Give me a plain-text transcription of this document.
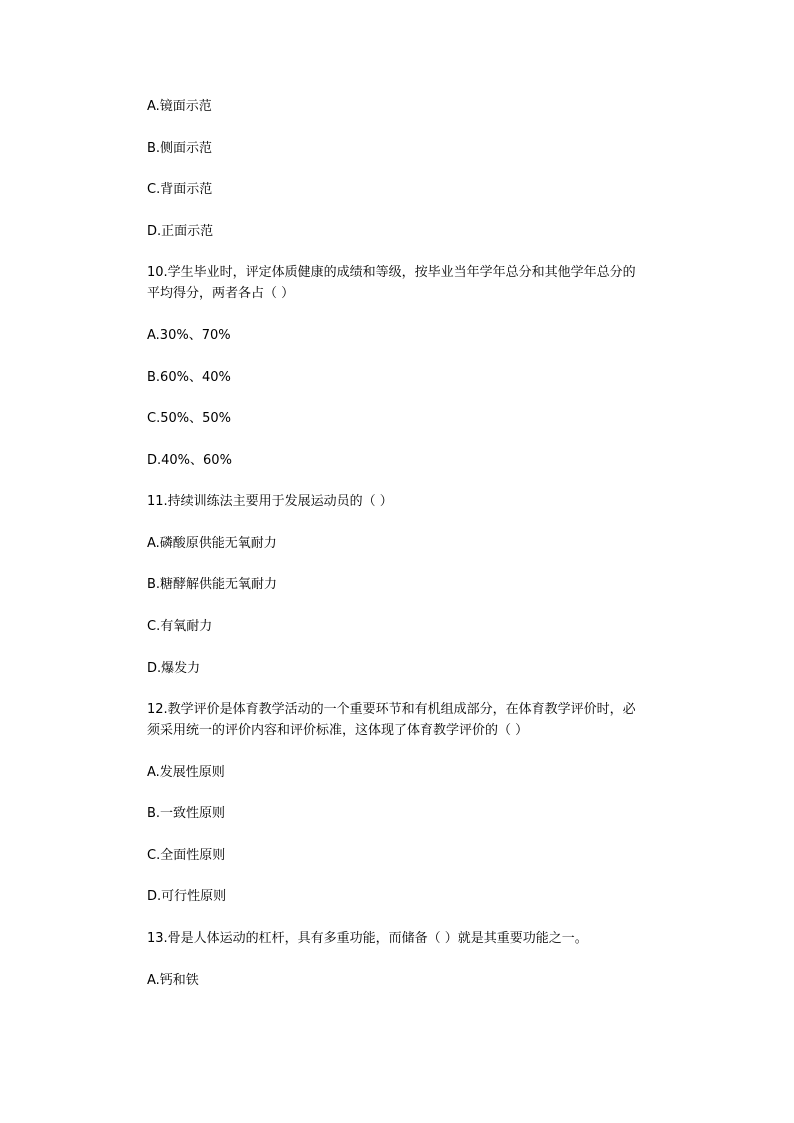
A.镜面示范

B.侧面示范

C.背面示范

D.正面示范

10.学生毕业时，评定体质健康的成绩和等级，按毕业当年学年总分和其他学年总分的

平均得分，两者各占（ ）

A.30%、70%

B.60%、40%

C.50%、50%

D.40%、60%

11.持续训练法主要用于发展运动员的（ ）

A.磷酸原供能无氧耐力

B.糖酵解供能无氧耐力

C.有氧耐力

D.爆发力

12.教学评价是体育教学活动的一个重要环节和有机组成部分，在体育教学评价时，必

须采用统一的评价内容和评价标准，这体现了体育教学评价的（ ）

A.发展性原则

B.一致性原则

C.全面性原则

D.可行性原则

13.骨是人体运动的杠杆，具有多重功能，而储备（ ）就是其重要功能之一。

A.钙和铁
